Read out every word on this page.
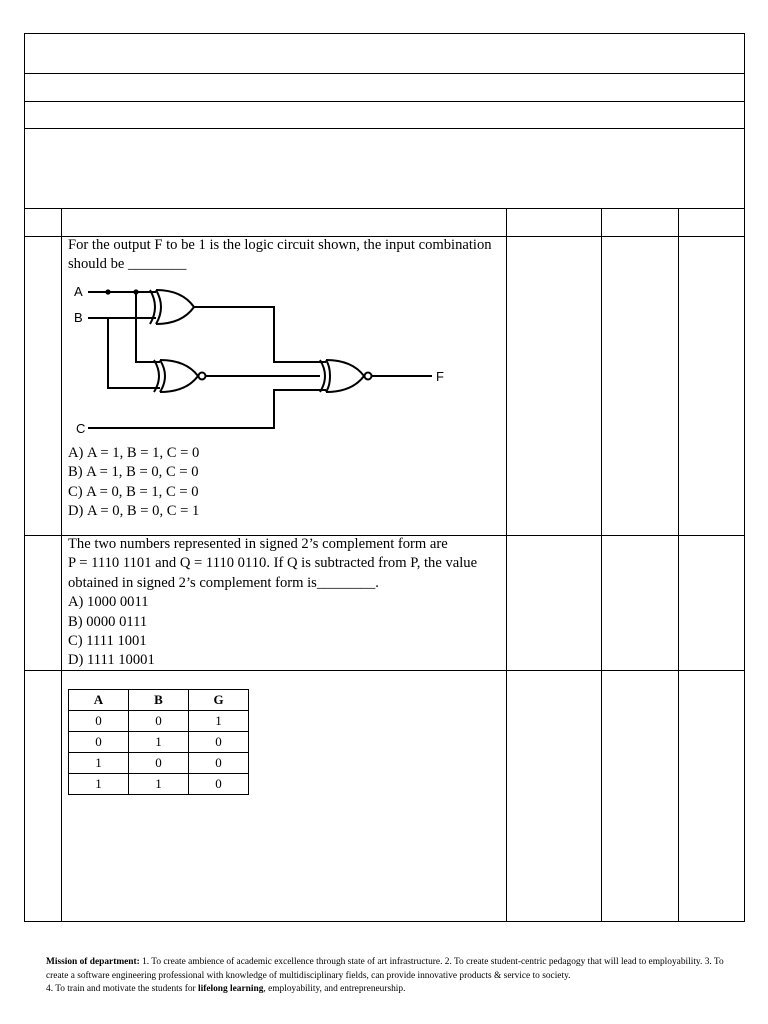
For the output F to be 1 is the logic circuit shown, the input combination should be ________

A
B
C
F

A) A = 1, B = 1, C = 0

B) A = 1, B = 0, C = 0

C) A = 0, B = 1, C = 0

D) A = 0, B = 0, C = 1

The two numbers represented in signed 2’s complement form are

P = 1110 1101 and Q = 1110 0110. If Q is subtracted from P, the value

obtained in signed 2’s complement form is________.

A) 1000 0011

B) 0000 0111

C) 1111 1001

D) 1111 10001

A	B	G
0	0	1
0	1	0
1	0	0
1	1	0
Mission of department: 1. To create ambience of academic excellence through state of art infrastructure. 2. To create student-centric pedagogy that will lead to employability. 3. To create a software engineering professional with knowledge of multidisciplinary fields, can provide innovative products & service to society.
4. To train and motivate the students for lifelong learning, employability, and entrepreneurship.
